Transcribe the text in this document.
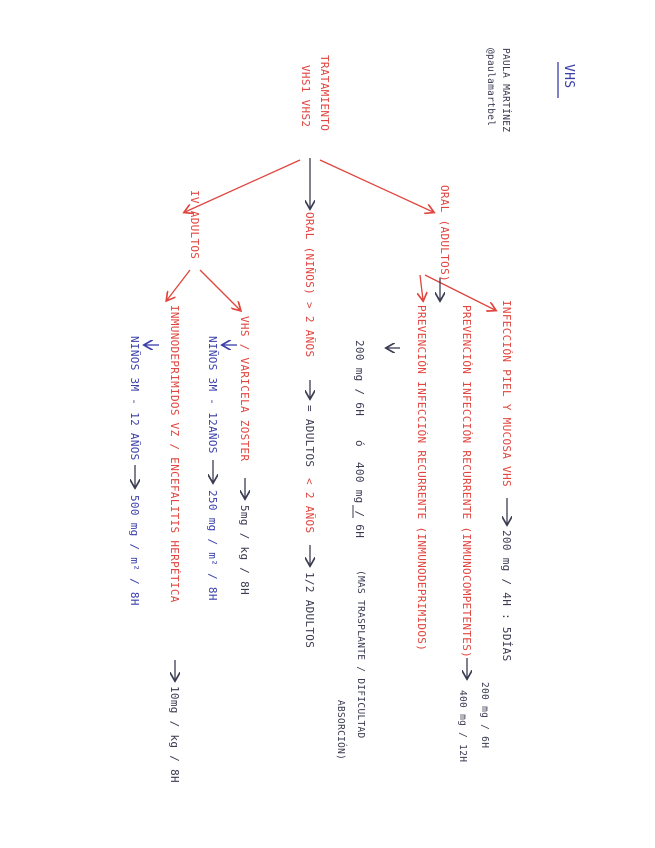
VHS
PAULA MARTÍNEZ
@paulamartbel
TRATAMIENTO
VHS1 VHS2
ORAL (ADULTOS)
INFECCIÓN PIEL Y MUCOSA VHS
200 mg / 4H : 5DÍAS
PREVENCIÓN INFECCIÓN RECURRENTE (INMUNOCOMPETENTES)
200 mg / 6H
400 mg / 12H
PREVENCIÓN INFECCIÓN RECURRENTE (INMUNODEPRIMIDOS)
200 mg / 6H
ó
400 mg / 6H
(MAS TRASPLANTE / DIFICULTAD
ABSORCIÓN)
ORAL (NIÑOS) > 2 AÑOS
= ADULTOS
< 2 AÑOS
1/2 ADULTOS
IV ADULTOS
VHS / VARICELA ZOSTER
5mg / kg / 8H
NIÑOS 3M - 12AÑOS
250 mg / m² / 8H
INMUNODEPRIMIDOS VZ / ENCEFALITIS HERPÉTICA
10mg / kg / 8H
NIÑOS 3M - 12 AÑOS
500 mg / m² / 8H
